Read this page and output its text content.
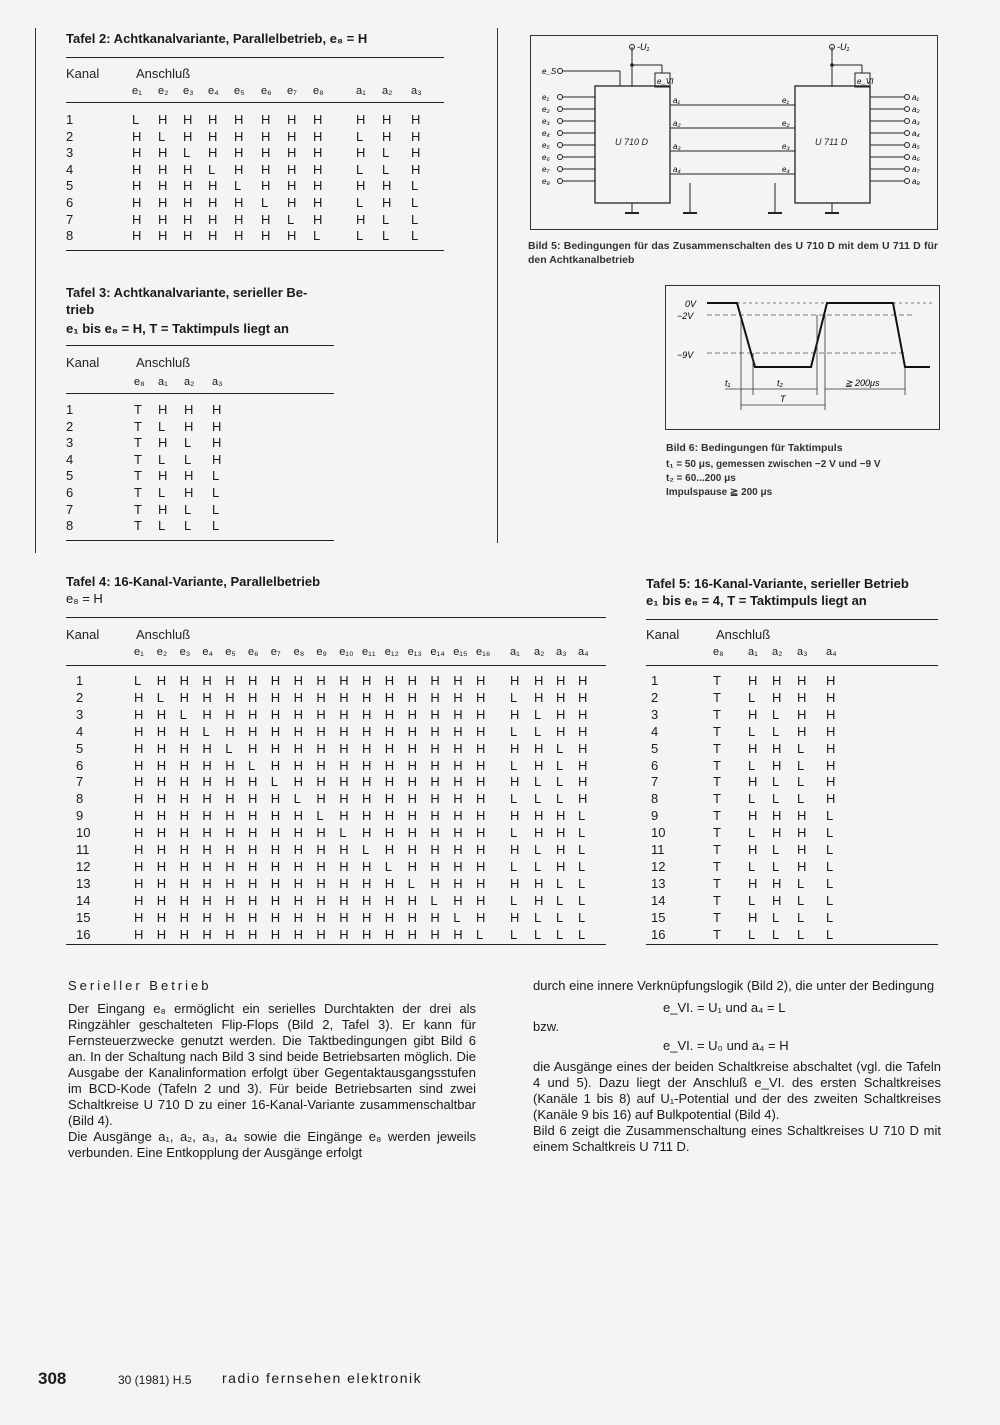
Tafel 2: Achtkanalvariante, Parallelbetrieb, e₈ = H
Kanal	Anschluß
e₁ e₂ e₃ e₄ e₅ e₆ e₇ e₈	a₁ a₂ a₃
1	L H H H H H H H	H H H
2	H L H H H H H H	L H H
3	H H L H H H H H	H L H
4	H H H L H H H H	L L H
5	H H H H L H H H	H H L
6	H H H H H L H H	L H L
7	H H H H H H L H	H L L
8	H H H H H H H L	L L L
Tafel 3: Achtkanalvariante, serieller Be-
trieb
e₁ bis e₈ = H, T = Taktimpuls liegt an
Kanal	Anschluß
e₈ a₁ a₂ a₃
1	T H H H
2	T L H H
3	T H L H
4	T L L H
5	T H H L
6	T L H L
7	T H L L
8	T L L L
U 710 D	U 711 D
-U₁	-U₁
e_VI	e_VI
e_S
e₁
e₂
e₃
e₄
e₅
e₆
e₇
e₈
a₁	e₁
a₂	e₂
a₃	e₃
a₄	e₄
a₁
a₂
a₃
a₄
a₅
a₆
a₇
a₈
Bild 5: Bedingungen für das Zusammenschalten des U 710 D mit dem U 711 D für den Achtkanalbetrieb
0V
−2V
−9V
t₁	t₂	≧ 200μs
T
Bild 6: Bedingungen für Taktimpuls
t₁ = 50 μs, gemessen zwischen −2 V und −9 V
t₂ = 60...200 μs
Impulspause ≧ 200 μs
Tafel 4: 16-Kanal-Variante, Parallelbetrieb
e₈ = H
Kanal	Anschluß
e₁ e₂ e₃ e₄ e₅ e₆ e₇ e₈ e₉ e₁₀ e₁₁ e₁₂ e₁₃ e₁₄ e₁₅ e₁₆ a₁ a₂ a₃ a₄
1	L H H H H H H H H H H H H H H H H H H H
2	H L H H H H H H H H H H H H H H L H H H
3	H H L H H H H H H H H H H H H H H L H H
4	H H H L H H H H H H H H H H H H L L H H
5	H H H H L H H H H H H H H H H H H H L H
6	H H H H H L H H H H H H H H H H L H L H
7	H H H H H H L H H H H H H H H H H L L H
8	H H H H H H H L H H H H H H H H L L L H
9	H H H H H H H H L H H H H H H H H H H L
10	H H H H H H H H H L H H H H H H L H H L
11	H H H H H H H H H H L H H H H H H L H L
12	H H H H H H H H H H H L H H H H L L H L
13	H H H H H H H H H H H H L H H H H H L L
14	H H H H H H H H H H H H H L H H L H L L
15	H H H H H H H H H H H H H H L H H L L L
16	H H H H H H H H H H H H H H H L L L L L
Tafel 5: 16-Kanal-Variante, serieller Betrieb
e₁ bis e₈ = 4, T = Taktimpuls liegt an
Kanal	Anschluß
e₈ a₁ a₂ a₃ a₄
1	T H H H H
2	T L H H H
3	T H L H H
4	T L L H H
5	T H H L H
6	T L H L H
7	T H L L H
8	T L L L H
9	T H H H L
10	T L H H L
11	T H L H L
12	T L L H L
13	T H H L L
14	T L H L L
15	T H L L L
16	T L L L L
Serieller Betrieb

Der Eingang e₈ ermöglicht ein serielles Durchtakten der drei als Ringzähler geschalteten Flip-Flops (Bild 2, Tafel 3). Er kann für Fernsteuerzwecke genutzt werden. Die Taktbedingungen gibt Bild 6 an. In der Schaltung nach Bild 3 sind beide Betriebsarten möglich. Die Ausgabe der Kanalinformation erfolgt über Gegentaktausgangsstufen im BCD-Kode (Tafeln 2 und 3). Für beide Betriebsarten sind zwei Schaltkreise U 710 D zu einer 16-Kanal-Variante zusammenschaltbar (Bild 4).

Die Ausgänge a₁, a₂, a₃, a₄ sowie die Eingänge e₈ werden jeweils verbunden. Eine Entkopplung der Ausgänge erfolgt

durch eine innere Verknüpfungslogik (Bild 2), die unter der Bedingung

e_VI. = U₁ und a₄ = L
bzw.
e_VI. = U₀ und a₄ = H

die Ausgänge eines der beiden Schaltkreise abschaltet (vgl. die Tafeln 4 und 5). Dazu liegt der Anschluß e_VI. des ersten Schaltkreises (Kanäle 1 bis 8) auf U₁-Potential und der des zweiten Schaltkreises (Kanäle 9 bis 16) auf Bulkpotential (Bild 4).

Bild 6 zeigt die Zusammenschaltung eines Schaltkreises U 710 D mit einem Schaltkreis U 711 D.

308	30 (1981) H.5 radio fernsehen elektronik
